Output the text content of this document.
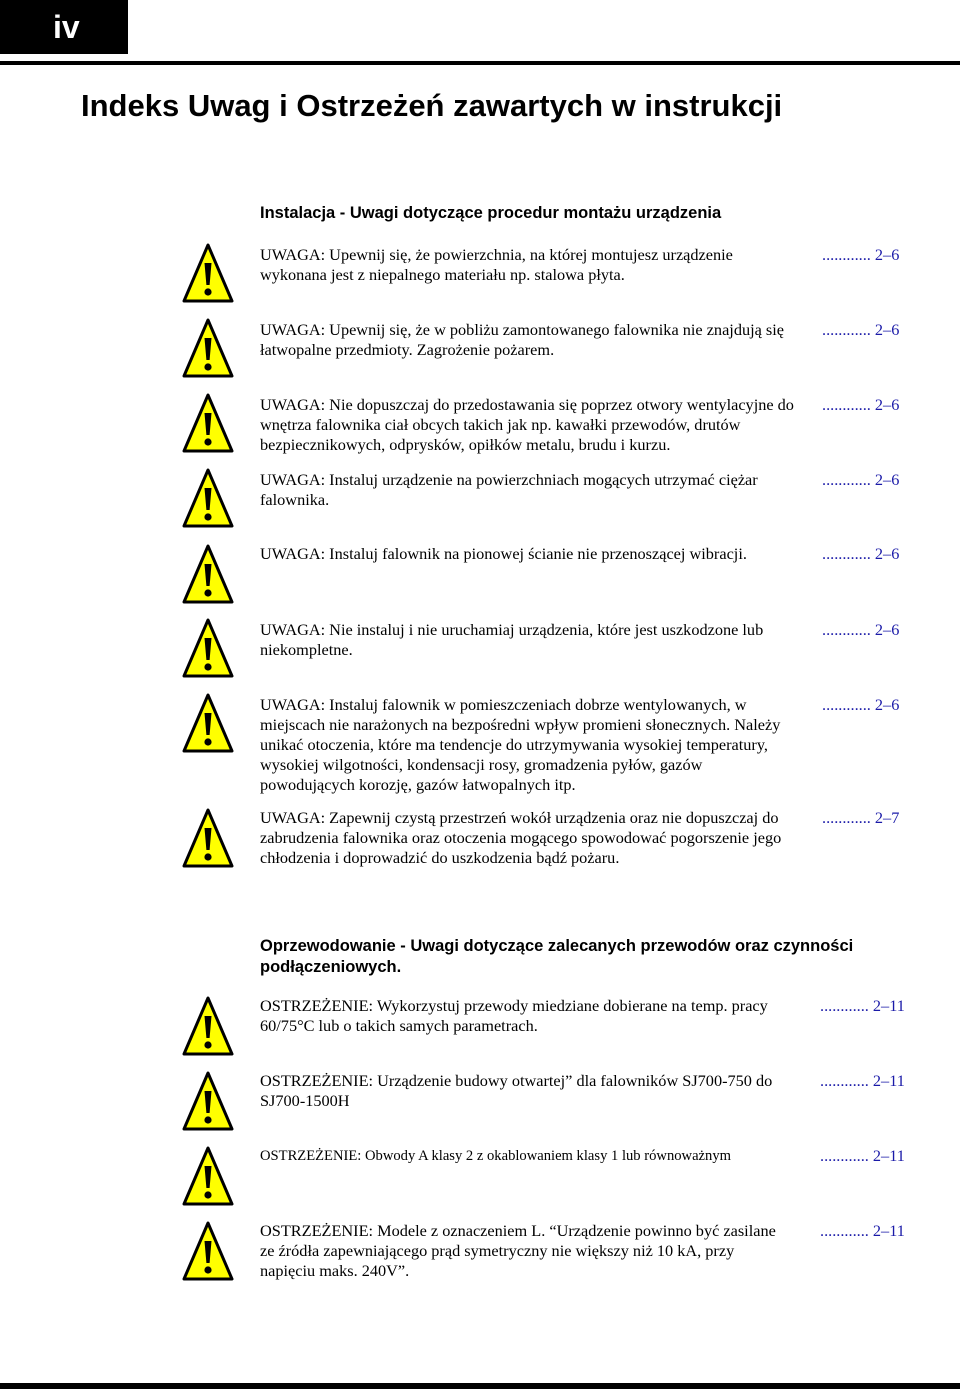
iv
Indeks Uwag i Ostrzeżeń zawartych w instrukcji
Instalacja - Uwagi dotyczące procedur montażu urządzenia
UWAGA: Upewnij się, że powierzchnia, na której montujesz urządzenie wykonana jest z niepalnego materiału np. stalowa płyta.
............ 2–6
UWAGA: Upewnij się, że w pobliżu zamontowanego falownika nie znajdują się łatwopalne przedmioty. Zagrożenie pożarem.
............ 2–6
UWAGA: Nie dopuszczaj do przedostawania się poprzez otwory wentylacyjne do wnętrza falownika ciał obcych takich jak np. kawałki przewodów, drutów bezpiecznikowych, odprysków, opiłków metalu, brudu i kurzu.
............ 2–6
UWAGA: Instaluj urządzenie na powierzchniach mogących utrzymać ciężar falownika.
............ 2–6
UWAGA: Instaluj falownik na pionowej ścianie nie przenoszącej wibracji.	............ 2–6
UWAGA: Nie instaluj i nie uruchamiaj urządzenia, które jest uszkodzone lub niekompletne.
............ 2–6
UWAGA: Instaluj falownik w pomieszczeniach dobrze wentylowanych, w miejscach nie narażonych na bezpośredni wpływ promieni słonecznych. Należy unikać otoczenia, które ma tendencje do utrzymywania wysokiej temperatury, wysokiej wilgotności, kondensacji rosy, gromadzenia pyłów, gazów powodujących korozję, gazów łatwopalnych itp.
............ 2–6
UWAGA: Zapewnij czystą przestrzeń wokół urządzenia oraz nie dopuszczaj do zabrudzenia falownika oraz otoczenia mogącego spowodować pogorszenie jego chłodzenia i doprowadzić do uszkodzenia bądź pożaru.
............ 2–7
Oprzewodowanie - Uwagi dotyczące zalecanych przewodów oraz czynności podłączeniowych.
OSTRZEŻENIE: Wykorzystuj przewody miedziane dobierane na temp. pracy 60/75°C lub o takich samych parametrach.
............ 2–11
OSTRZEŻENIE: Urządzenie budowy otwartej” dla falowników SJ700-750 do SJ700-1500H
............ 2–11
OSTRZEŻENIE: Obwody A klasy 2 z okablowaniem klasy 1 lub równoważnym	............ 2–11
OSTRZEŻENIE: Modele z oznaczeniem L. “Urządzenie powinno być zasilane ze źródła zapewniającego prąd symetryczny nie większy niż 10 kA, przy napięciu maks. 240V”.
............ 2–11
